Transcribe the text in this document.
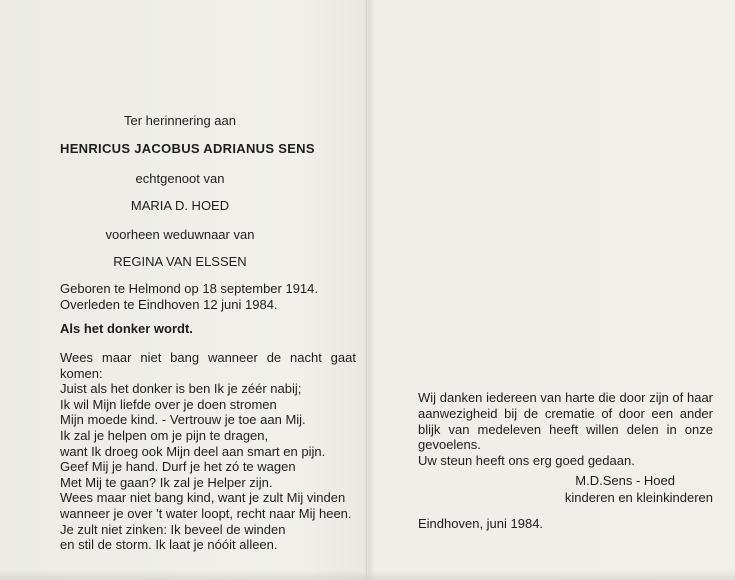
Ter herinnering aan
HENRICUS JACOBUS ADRIANUS SENS
echtgenoot van
MARIA D. HOED
voorheen weduwnaar van
REGINA VAN ELSSEN
Geboren te Helmond op 18 september 1914.
Overleden te Eindhoven 12 juni 1984.
Als het donker wordt.
Wees maar niet bang wanneer de nacht gaat
komen:
Juist als het donker is ben Ik je zéér nabij;
Ik wil Mijn liefde over je doen stromen
Mijn moede kind. - Vertrouw je toe aan Mij.
Ik zal je helpen om je pijn te dragen,
want Ik droeg ook Mijn deel aan smart en pijn.
Geef Mij je hand. Durf je het zó te wagen
Met Mij te gaan? Ik zal je Helper zijn.
Wees maar niet bang kind, want je zult Mij vinden
wanneer je over 't water loopt, recht naar Mij heen.
Je zult niet zinken: Ik beveel de winden
en stil de storm. Ik laat je nóóit alleen.
Wij danken iedereen van harte die door zijn of haar
aanwezigheid bij de crematie of door een ander
blijk van medeleven heeft willen delen in onze
gevoelens.
Uw steun heeft ons erg goed gedaan.
M.D.Sens - Hoed
kinderen en kleinkinderen
Eindhoven, juni 1984.
